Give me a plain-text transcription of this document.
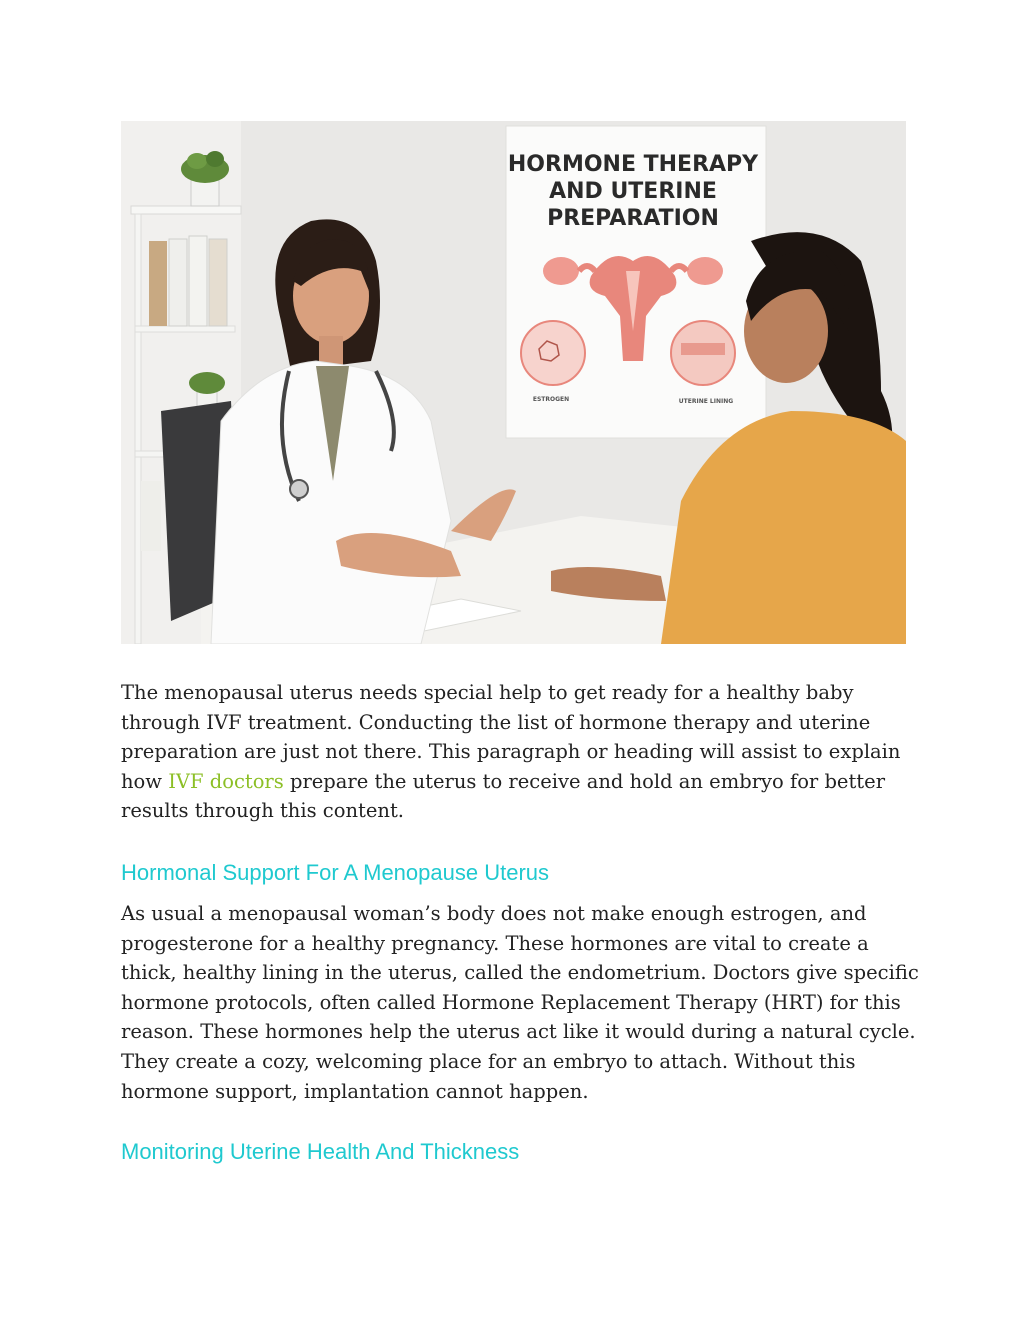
HORMONE THERAPY
AND UTERINE
PREPARATION
ESTROGEN	UTERINE LINING

The menopausal uterus needs special help to get ready for a healthy baby through IVF treatment. Conducting the list of hormone therapy and uterine preparation are just not there. This paragraph or heading will assist to explain how IVF doctors prepare the uterus to receive and hold an embryo for better results through this content.

Hormonal Support For A Menopause Uterus

As usual a menopausal woman’s body does not make enough estrogen, and progesterone for a healthy pregnancy. These hormones are vital to create a thick, healthy lining in the uterus, called the endometrium. Doctors give specific hormone protocols, often called Hormone Replacement Therapy (HRT) for this reason. These hormones help the uterus act like it would during a natural cycle. They create a cozy, welcoming place for an embryo to attach. Without this hormone support, implantation cannot happen.

Monitoring Uterine Health And Thickness
